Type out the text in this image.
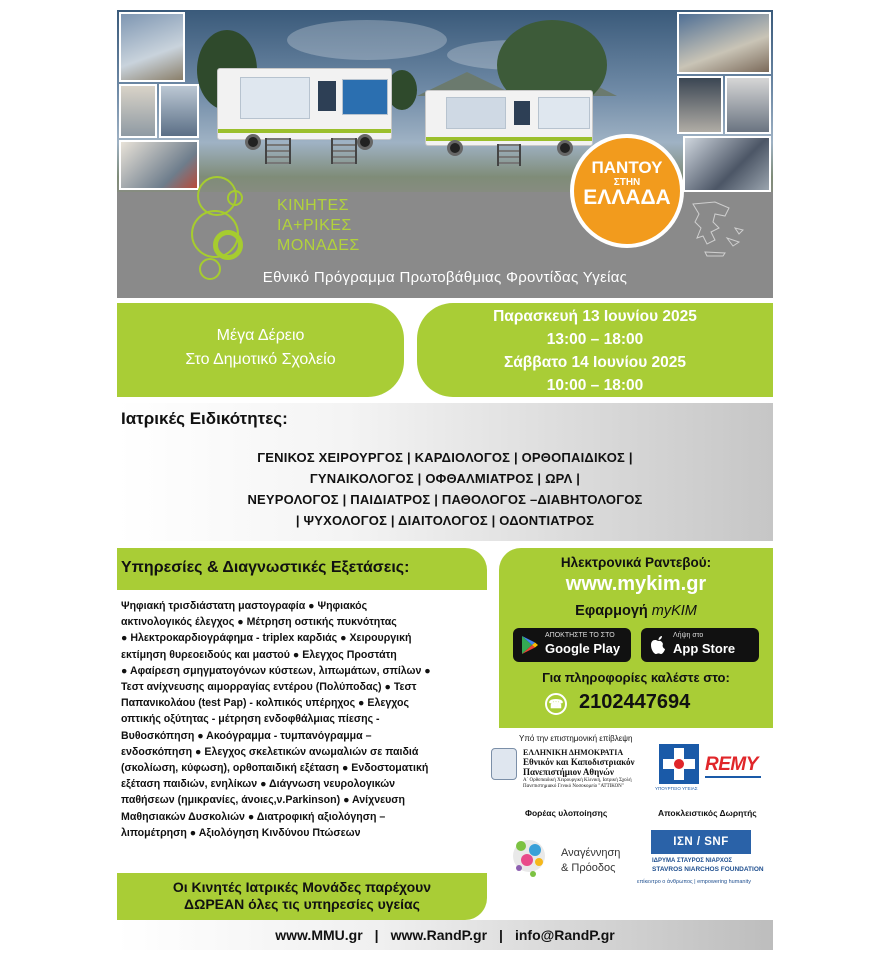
ΚΙΝΗΤΕΣ
ΙΑ+ΡΙΚΕΣ
ΜΟΝΑΔΕΣ
Εθνικό Πρόγραμμα Πρωτοβάθμιας Φροντίδας Υγείας
ΠΑΝΤΟΥ
ΣΤΗΝ
ΕΛΛΑΔΑ
Μέγα Δέρειο
Στο Δημοτικό Σχολείο
Παρασκευή 13 Ιουνίου 2025
13:00 – 18:00
Σάββατο 14 Ιουνίου 2025
10:00 – 18:00
Ιατρικές Ειδικότητες:
ΓΕΝΙΚΟΣ ΧΕΙΡΟΥΡΓΟΣ | ΚΑΡΔΙΟΛΟΓΟΣ | ΟΡΘΟΠΑΙΔΙΚΟΣ |
ΓΥΝΑΙΚΟΛΟΓΟΣ | ΟΦΘΑΛΜΙΑΤΡΟΣ | ΩΡΛ |
ΝΕΥΡΟΛΟΓΟΣ | ΠΑΙΔΙΑΤΡΟΣ | ΠΑΘΟΛΟΓΟΣ –ΔΙΑΒΗΤΟΛΟΓΟΣ
| ΨΥΧΟΛΟΓΟΣ | ΔΙΑΙΤΟΛΟΓΟΣ | ΟΔΟΝΤΙΑΤΡΟΣ
Υπηρεσίες & Διαγνωστικές Εξετάσεις:
Ψηφιακή τρισδιάστατη μαστογραφία ● Ψηφιακός
ακτινολογικός έλεγχος ● Μέτρηση οστικής πυκνότητας
● Ηλεκτροκαρδιογράφημα - triplex καρδιάς ● Χειρουργική
εκτίμηση θυρεοειδούς και μαστού ● Ελεγχος Προστάτη
● Αφαίρεση σμηγματογόνων κύστεων, λιπωμάτων, σπίλων ●
Τεστ ανίχνευσης αιμορραγίας εντέρου (Πολύποδας) ● Τεστ
Παπανικολάου (test Pap) - κολπικός υπέρηχος ● Ελεγχος
οπτικής οξύτητας - μέτρηση ενδοφθάλμιας πίεσης -
Βυθοσκόπηση ● Ακοόγραμμα - τυμπανόγραμμα –
ενδοσκόπηση ● Ελεγχος σκελετικών ανωμαλιών σε παιδιά
(σκολίωση, κύφωση), ορθοπαιδική εξέταση ● Ενδοστοματική
εξέταση παιδιών, ενηλίκων ● Διάγνωση νευρολογικών
παθήσεων (ημικρανίες, άνοιες,ν.Parkinson) ● Ανίχνευση
Μαθησιακών Δυσκολιών ● Διατροφική αξιολόγηση –
λιπομέτρηση ● Αξιολόγηση Κινδύνου Πτώσεων
Οι Κινητές Ιατρικές Μονάδες παρέχουν
ΔΩΡΕΑΝ όλες τις υπηρεσίες υγείας
Ηλεκτρονικά Ραντεβού:
www.mykim.gr
Εφαρμογή myKIM
ΑΠΟΚΤΗΣΤΕ ΤΟ ΣΤΟ
Google Play
Λήψη στο
App Store
Για πληροφορίες καλέστε στο:
☎ 2102447694
Υπό την επιστημονική επίβλεψη
ΕΛΛΗΝΙΚΗ ΔΗΜΟΚΡΑΤΙΑ
Εθνικόν και Καποδιστριακόν
Πανεπιστήμιον Αθηνών
Α΄ Ορθοπαιδική Χειρουργική Κλινική, Ιατρική Σχολή Πανεπιστημιακό Γενικό Νοσοκομείο "ΑΤΤΙΚΟΝ"	ΥΠΟΥΡΓΕΙΟ ΥΓΕΙΑΣ
REMY
Φορέας υλοποίησης	Αποκλειστικός Δωρητής
Αναγέννηση
& Πρόοδος
ΙΣΝ / SNF
ΙΔΡΥΜΑ ΣΤΑΥΡΟΣ ΝΙΑΡΧΟΣ
STAVROS NIARCHOS FOUNDATION
επίκεντρο ο άνθρωπος | empowering humanity
www.MMU.gr | www.RandP.gr | info@RandP.gr
